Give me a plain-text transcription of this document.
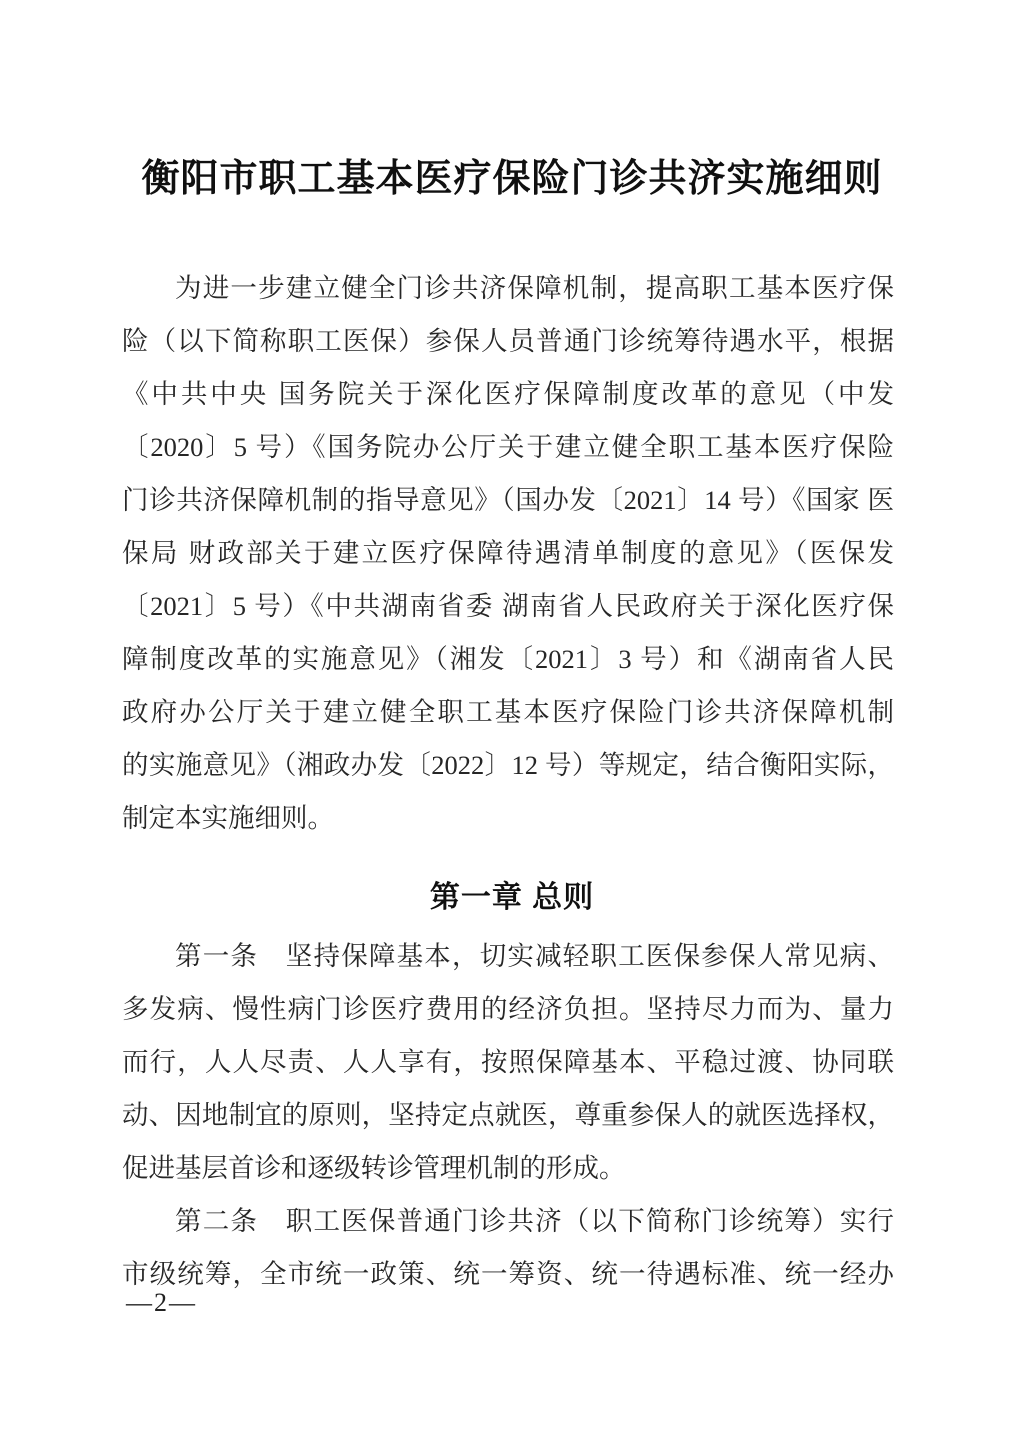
衡阳市职工基本医疗保险门诊共济实施细则
为进一步建立健全门诊共济保障机制，提高职工基本医疗保
险（以下简称职工医保）参保人员普通门诊统筹待遇水平，根据
《中共中央 国务院关于深化医疗保障制度改革的意见（中发
〔2020〕5 号）《国务院办公厅关于建立健全职工基本医疗保险
门诊共济保障机制的指导意见》（国办发〔2021〕14 号）《国家 医
保局 财政部关于建立医疗保障待遇清单制度的意见》（医保发
〔2021〕5 号）《中共湖南省委 湖南省人民政府关于深化医疗保
障制度改革的实施意见》（湘发〔2021〕3 号）和《湖南省人民
政府办公厅关于建立健全职工基本医疗保险门诊共济保障机制
的实施意见》（湘政办发〔2022〕12 号）等规定，结合衡阳实际，
制定本实施细则。
第一章 总则
第一条　坚持保障基本，切实减轻职工医保参保人常见病、
多发病、慢性病门诊医疗费用的经济负担。坚持尽力而为、量力
而行，人人尽责、人人享有，按照保障基本、平稳过渡、协同联
动、因地制宜的原则，坚持定点就医，尊重参保人的就医选择权，
促进基层首诊和逐级转诊管理机制的形成。
第二条　职工医保普通门诊共济（以下简称门诊统筹）实行
市级统筹，全市统一政策、统一筹资、统一待遇标准、统一经办
—2—
